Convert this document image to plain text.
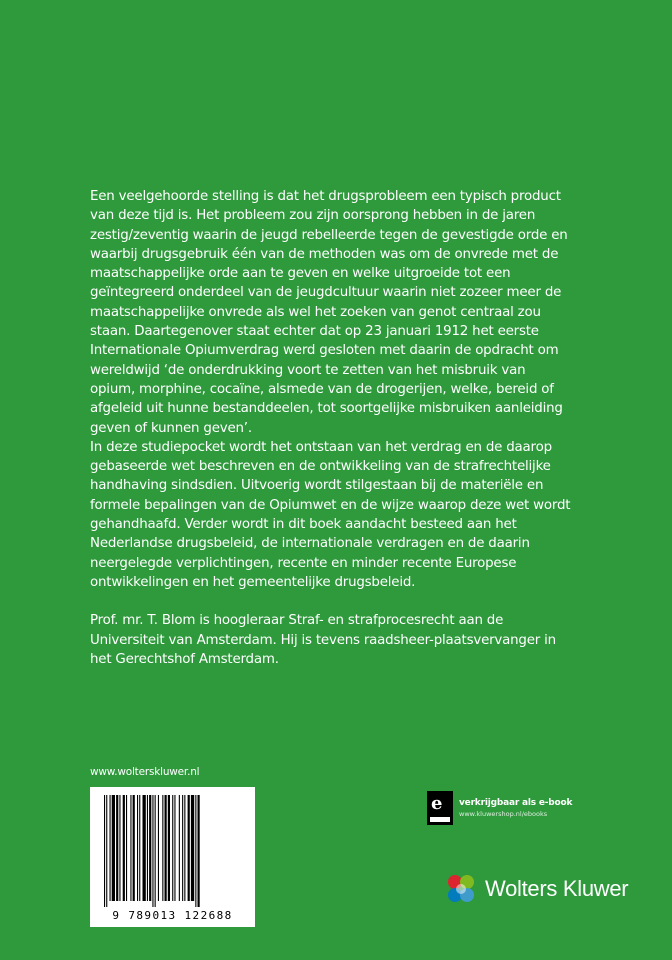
Een veelgehoorde stelling is dat het drugsprobleem een typisch product van deze tijd is. Het probleem zou zijn oorsprong hebben in de jaren zestig/zeventig waarin de jeugd rebelleerde tegen de gevestigde orde en waarbij drugsgebruik één van de methoden was om de onvrede met de maatschappelijke orde aan te geven en welke uitgroeide tot een geïntegreerd onderdeel van de jeugdcultuur waarin niet zozeer meer de maatschappelijke onvrede als wel het zoeken van genot centraal zou staan. Daartegenover staat echter dat op 23 januari 1912 het eerste Internationale Opiumverdrag werd gesloten met daarin de opdracht om wereldwijd ‘de onderdrukking voort te zetten van het misbruik van opium, morphine, cocaïne, alsmede van de drogerijen, welke, bereid of afgeleid uit hunne bestanddeelen, tot soortgelijke misbruiken aanleiding geven of kunnen geven’.

In deze studiepocket wordt het ontstaan van het verdrag en de daarop gebaseerde wet beschreven en de ontwikkeling van de strafrechtelijke handhaving sindsdien. Uitvoerig wordt stilgestaan bij de materiële en formele bepalingen van de Opiumwet en de wijze waarop deze wet wordt gehandhaafd. Verder wordt in dit boek aandacht besteed aan het Nederlandse drugsbeleid, de internationale verdragen en de daarin neergelegde verplichtingen, recente en minder recente Europese ontwikkelingen en het gemeentelijke drugsbeleid.

Prof. mr. T. Blom is hoogleraar Straf- en strafprocesrecht aan de Universiteit van Amsterdam. Hij is tevens raadsheer-plaatsvervanger in het Gerechtshof Amsterdam.

www.wolterskluwer.nl
9 789013 122688
e verkrijgbaar als e-book
www.kluwershop.nl/ebooks
Wolters Kluwer
